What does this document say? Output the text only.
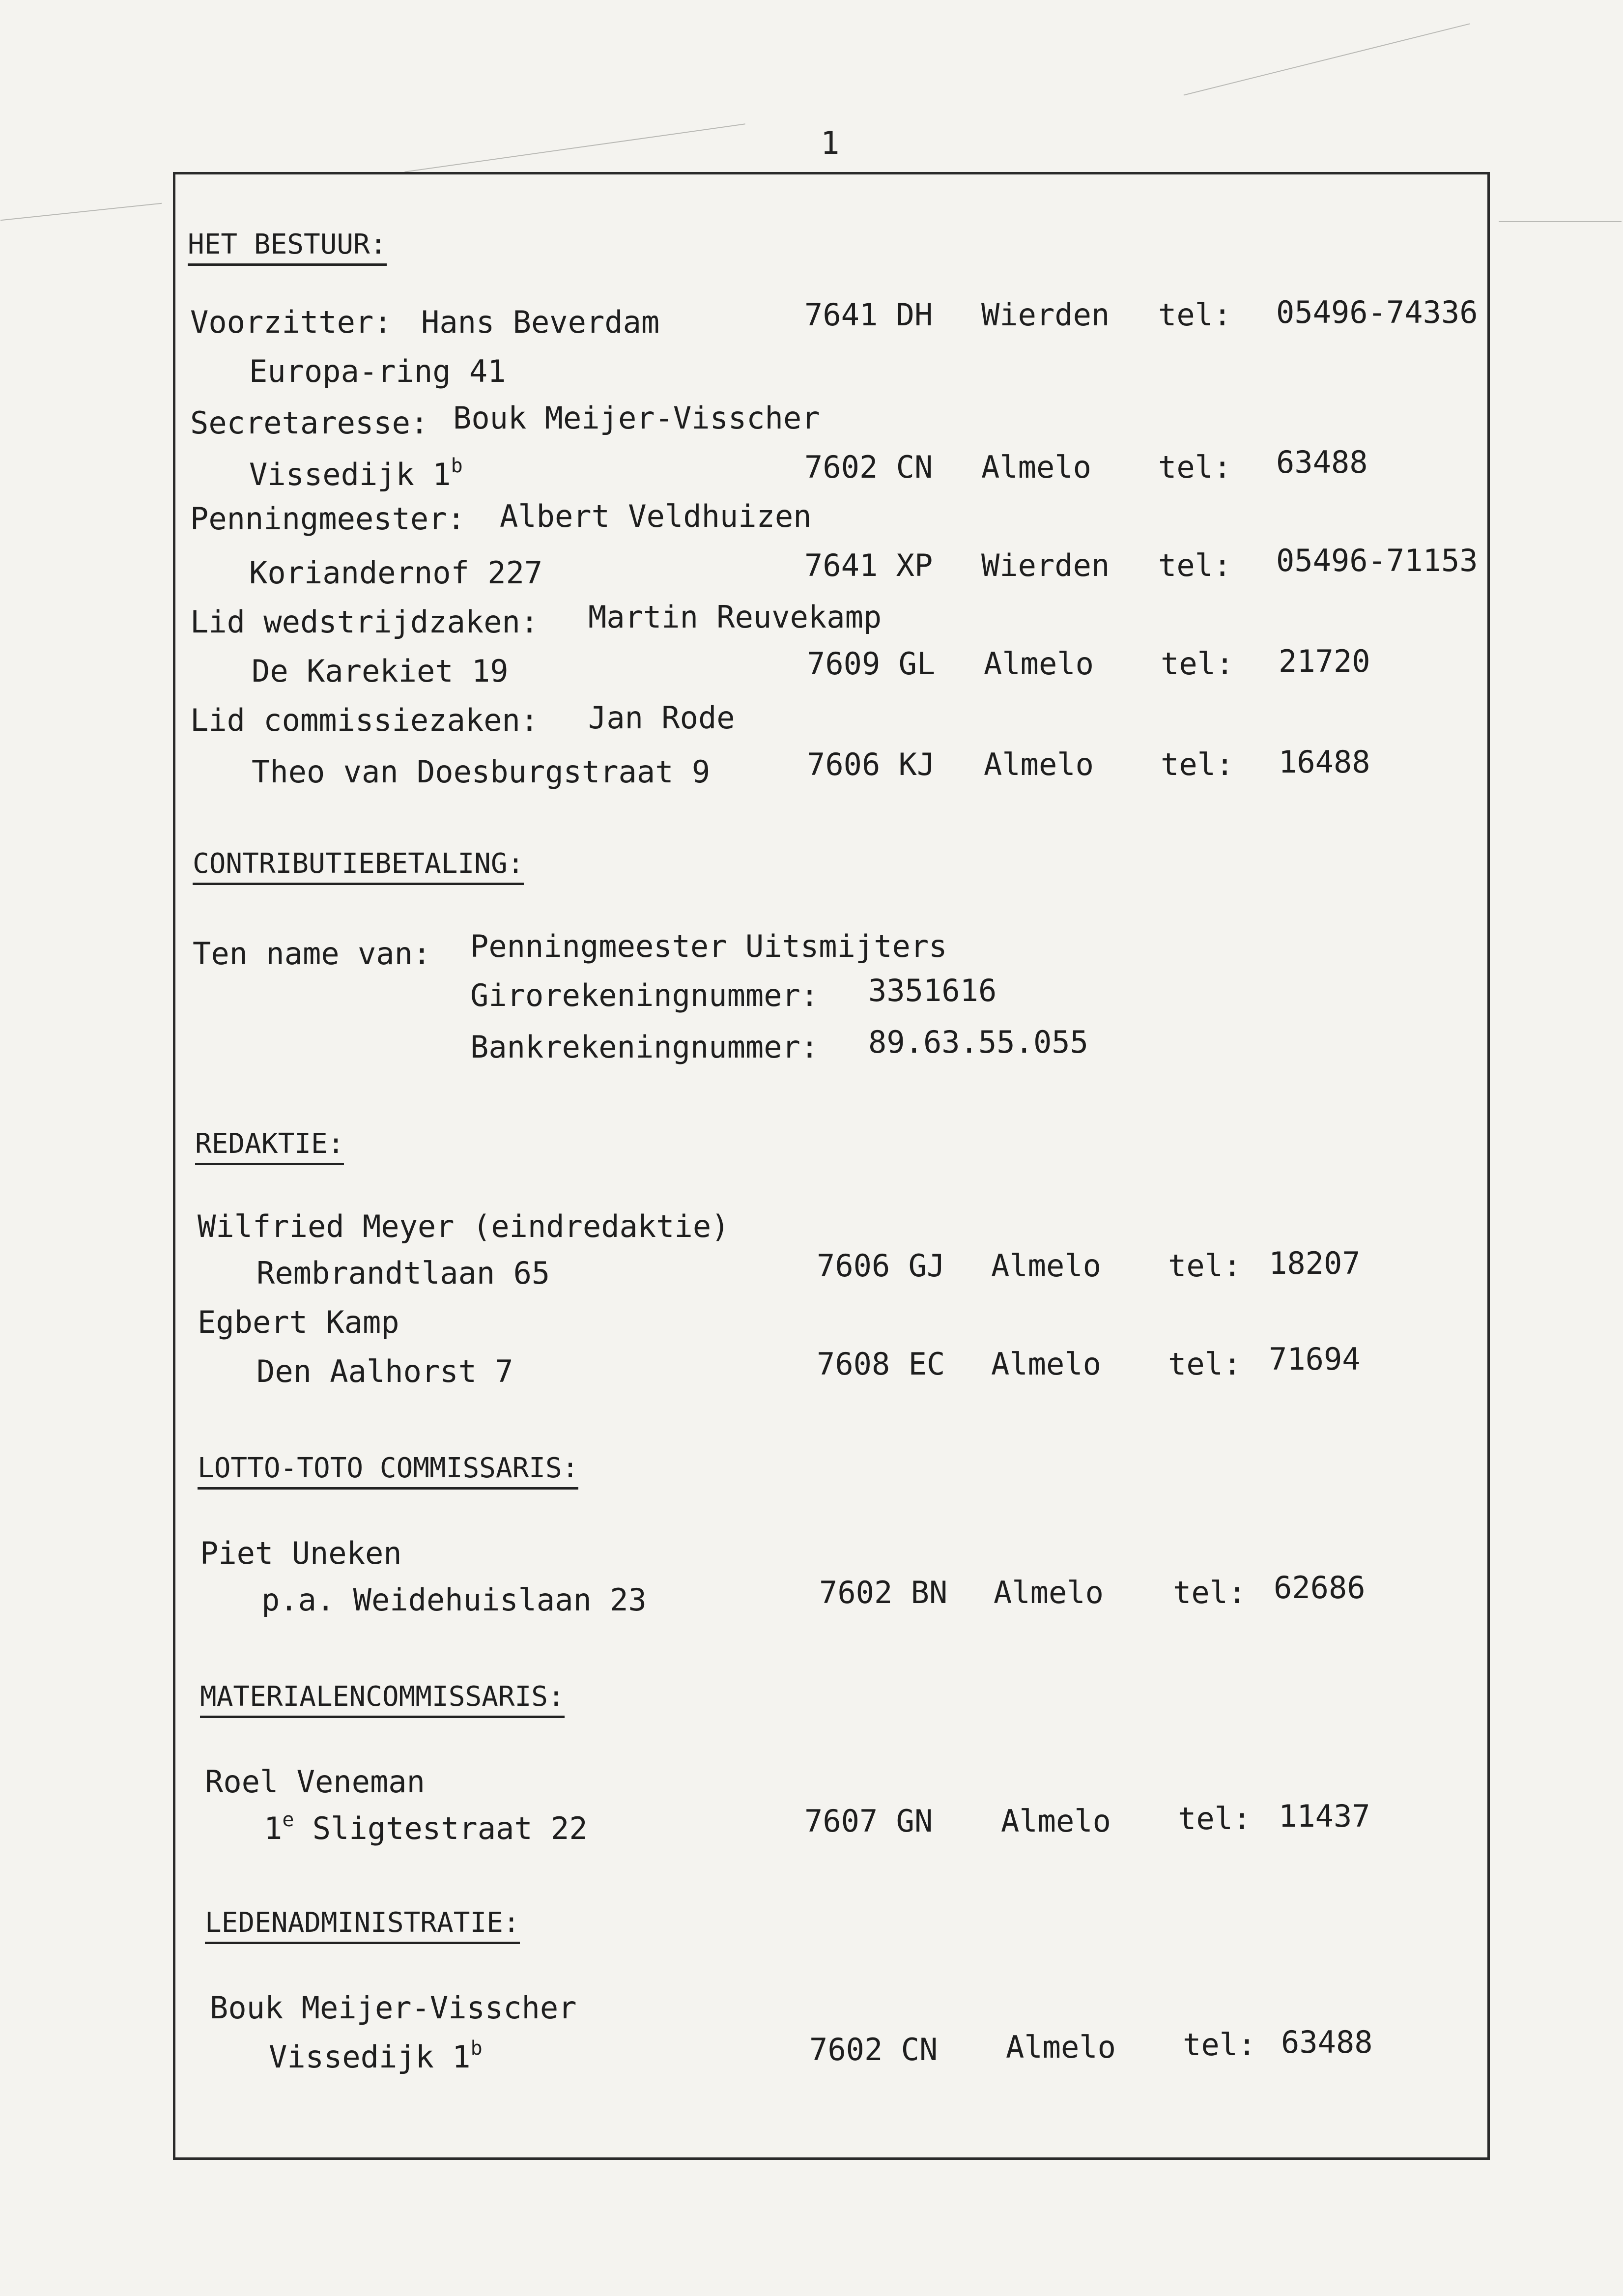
1
HET BESTUUR:
Voorzitter: Hans Beverdam	7641 DH Wierden tel: 05496-74336
Europa-ring 41
Secretaresse: Bouk Meijer-Visscher
Vissedijk 1$^b$	7602 CN Almelo tel: 63488
Penningmeester: Albert Veldhuizen
Koriandernof 227	7641 XP Wierden tel: 05496-71153
Lid wedstrijdzaken: Martin Reuvekamp
De Karekiet 19	7609 GL Almelo tel: 21720
Lid commissiezaken: Jan Rode
Theo van Doesburgstraat 9	7606 KJ Almelo tel: 16488
CONTRIBUTIEBETALING:
Ten name van: Penningmeester Uitsmijters
Girorekeningnummer: 3351616
Bankrekeningnummer: 89.63.55.055
REDAKTIE:
Wilfried Meyer (eindredaktie)
Rembrandtlaan 65	7606 GJ Almelo tel: 18207
Egbert Kamp
Den Aalhorst 7	7608 EC Almelo tel: 71694
LOTTO-TOTO COMMISSARIS:
Piet Uneken
p.a. Weidehuislaan 23	7602 BN Almelo tel: 62686
MATERIALENCOMMISSARIS:
Roel Veneman
1e Sligtestraat 22	7607 GN Almelo tel: 11437
LEDENADMINISTRATIE:
Bouk Meijer-Visscher
Vissedijk 1$^b$	7602 CN Almelo tel: 63488
